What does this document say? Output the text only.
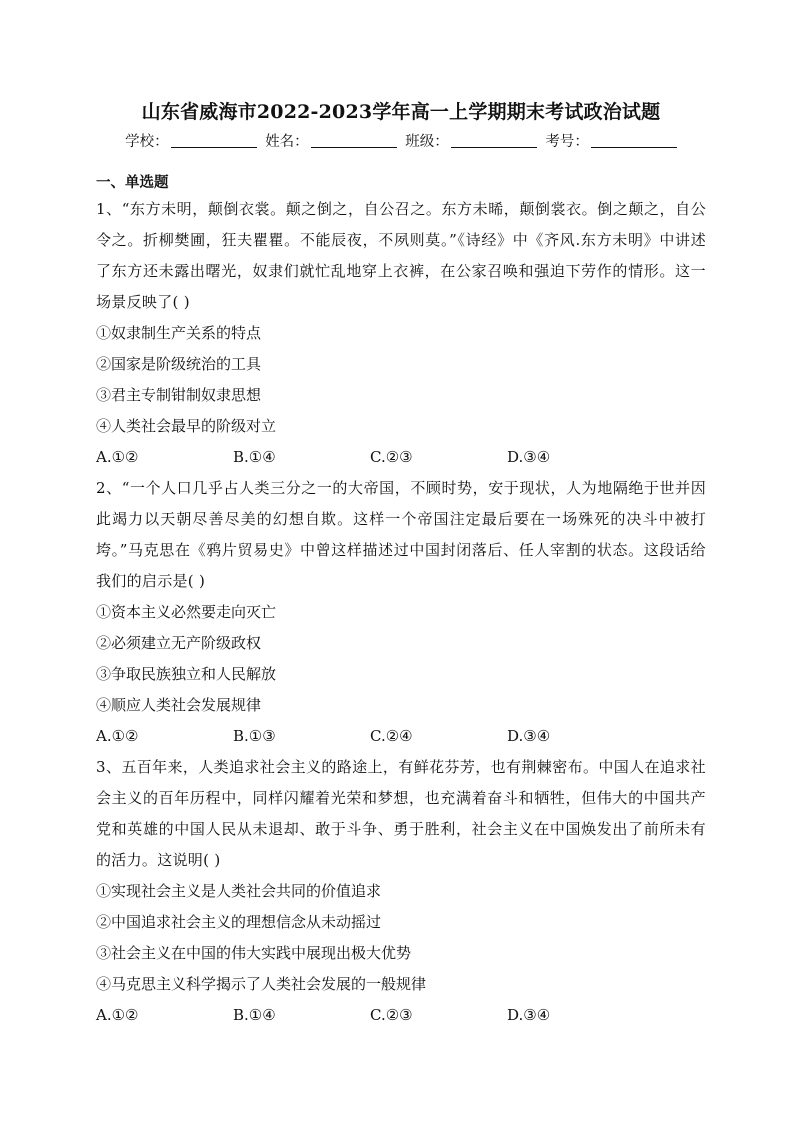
山东省威海市2022-2023学年高一上学期期末考试政治试题
学校：	姓名：	班级：	考号：
一、单选题

1、“东方未明，颠倒衣裳。颠之倒之，自公召之。东方未晞，颠倒裳衣。倒之颠之，自公令之。折柳樊圃，狂夫瞿瞿。不能辰夜，不夙则莫。”《诗经》中《齐风.东方未明》中讲述了东方还未露出曙光，奴隶们就忙乱地穿上衣裤，在公家召唤和强迫下劳作的情形。这一场景反映了( )

①奴隶制生产关系的特点

②国家是阶级统治的工具

③君主专制钳制奴隶思想

④人类社会最早的阶级对立

A.①②	B.①④	C.②③	D.③④

2、“一个人口几乎占人类三分之一的大帝国，不顾时势，安于现状，人为地隔绝于世并因此竭力以天朝尽善尽美的幻想自欺。这样一个帝国注定最后要在一场殊死的决斗中被打垮。”马克思在《鸦片贸易史》中曾这样描述过中国封闭落后、任人宰割的状态。这段话给我们的启示是( )

①资本主义必然要走向灭亡

②必须建立无产阶级政权

③争取民族独立和人民解放

④顺应人类社会发展规律

A.①②	B.①③	C.②④	D.③④

3、五百年来，人类追求社会主义的路途上，有鲜花芬芳，也有荆棘密布。中国人在追求社会主义的百年历程中，同样闪耀着光荣和梦想，也充满着奋斗和牺牲，但伟大的中国共产党和英雄的中国人民从未退却、敢于斗争、勇于胜利，社会主义在中国焕发出了前所未有的活力。这说明( )

①实现社会主义是人类社会共同的价值追求

②中国追求社会主义的理想信念从未动摇过

③社会主义在中国的伟大实践中展现出极大优势

④马克思主义科学揭示了人类社会发展的一般规律

A.①②	B.①④	C.②③	D.③④
